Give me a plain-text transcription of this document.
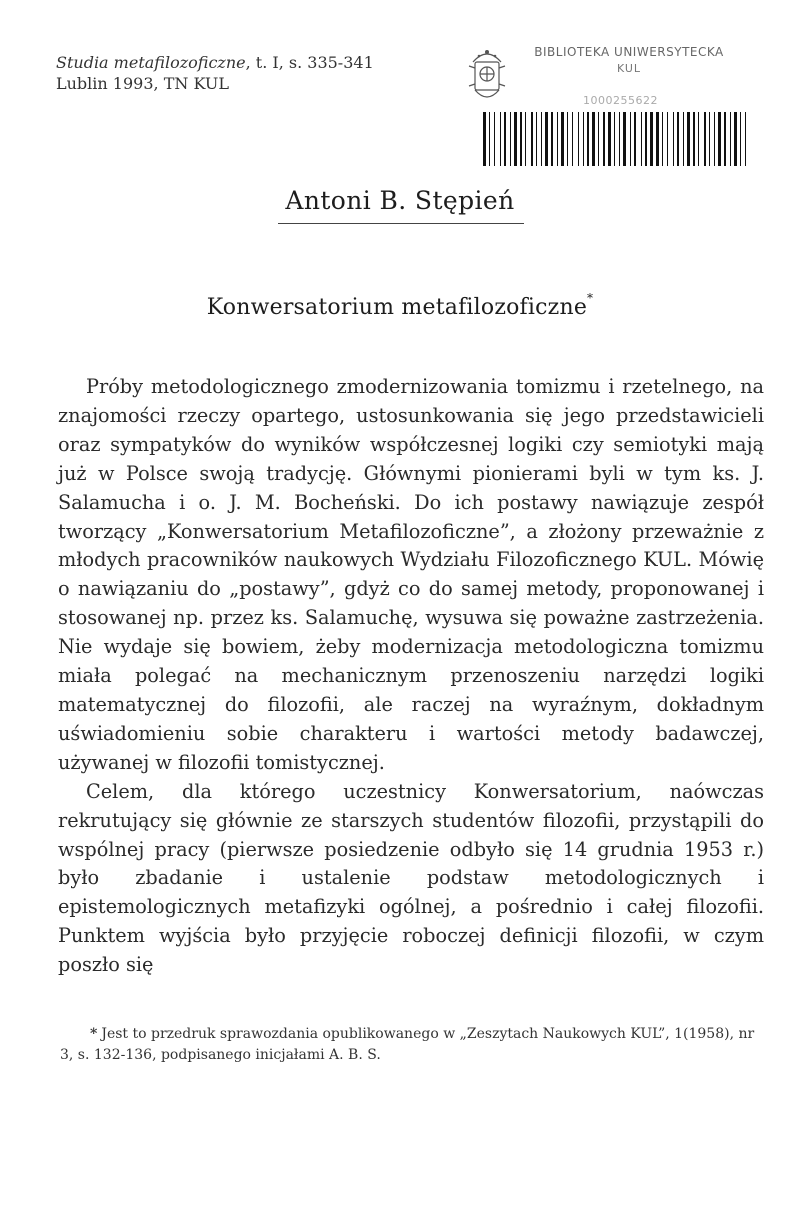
Studia metafilozoficzne, t. I, s. 335-341
Lublin 1993, TN KUL
BIBLIOTEKA UNIWERSYTECKA
KUL
1000255622
Antoni B. Stępień
Konwersatorium metafilozoficzne*

Próby metodologicznego zmodernizowania tomizmu i rzetelnego, na znajomości rzeczy opartego, ustosunkowania się jego przedstawicieli oraz sympatyków do wyników współczesnej logiki czy semiotyki mają już w Polsce swoją tradycję. Głównymi pionierami byli w tym ks. J. Salamucha i o. J. M. Bocheński. Do ich postawy nawiązuje zespół tworzący „Konwersatorium Metafilozoficzne”, a złożony przeważnie z młodych pracowników naukowych Wydziału Filozoficznego KUL. Mówię o nawiązaniu do „postawy”, gdyż co do samej metody, proponowanej i stosowanej np. przez ks. Salamuchę, wysuwa się poważne zastrzeżenia. Nie wydaje się bowiem, żeby modernizacja metodologiczna tomizmu miała polegać na mechanicznym przenoszeniu narzędzi logiki matematycznej do filozofii, ale raczej na wyraźnym, dokładnym uświadomieniu sobie charakteru i wartości metody badawczej, używanej w filozofii tomistycznej.

Celem, dla którego uczestnicy Konwersatorium, naówczas rekrutujący się głównie ze starszych studentów filozofii, przystąpili do wspólnej pracy (pierwsze posiedzenie odbyło się 14 grudnia 1953 r.) było zbadanie i ustalenie podstaw metodologicznych i epistemologicznych metafizyki ogólnej, a pośrednio i całej filozofii. Punktem wyjścia było przyjęcie roboczej definicji filozofii, w czym poszło się

* Jest to przedruk sprawozdania opublikowanego w „Zeszytach Naukowych KUL”, 1(1958), nr 3, s. 132-136, podpisanego inicjałami A. B. S.
